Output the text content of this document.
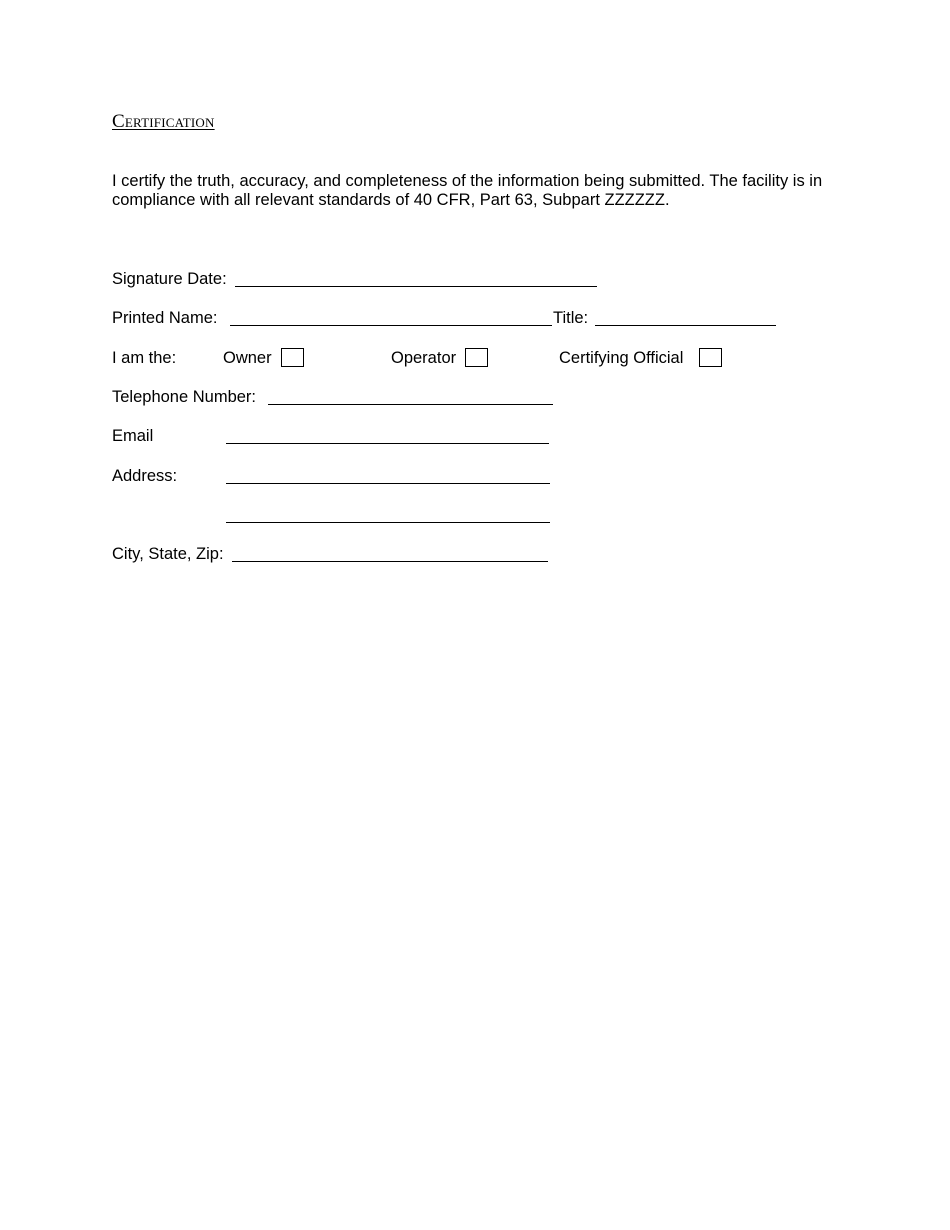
Certification
I certify the truth, accuracy, and completeness of the information being submitted. The facility is in compliance with all relevant standards of 40 CFR, Part 63, Subpart ZZZZZZ.
Signature Date:
Printed Name:	Title:
I am the:	Owner	Operator	Certifying Official
Telephone Number:
Email
Address:
City, State, Zip:
